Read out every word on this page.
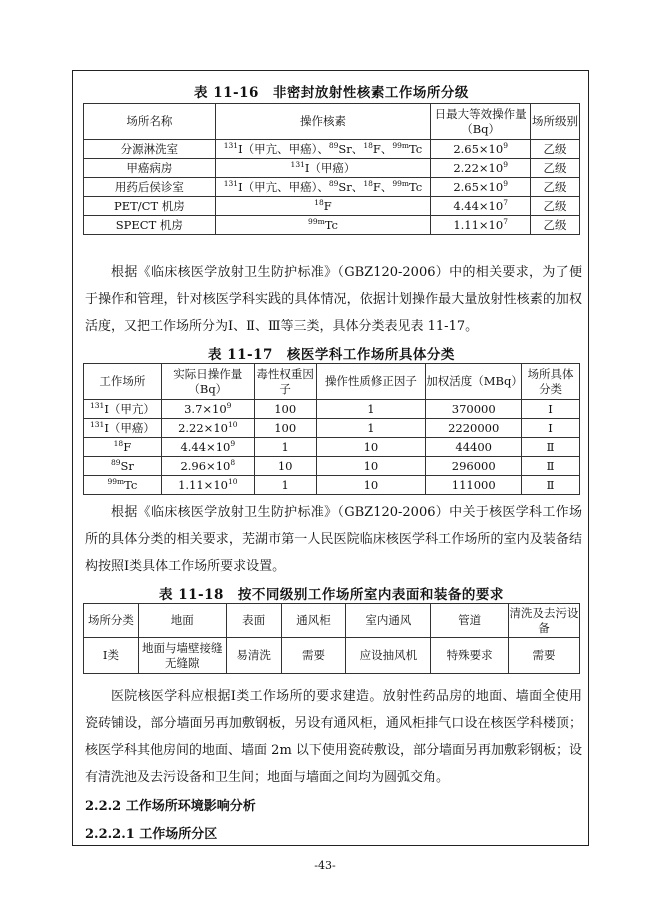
表 11-16　非密封放射性核素工作场所分级
场所名称	操作核素	日最大等效操作量（Bq）	场所级别
分源淋洗室	$^{131}$I（甲亢、甲癌）、$^{89}$Sr、$^{18}$F、$^{99m}$Tc	$2.65\times 10^9$	乙级
甲癌病房	$^{131}$I（甲癌）	$2.22\times 10^9$	乙级
用药后侯诊室	$^{131}$I（甲亢、甲癌）、$^{89}$Sr、$^{18}$F、$^{99m}$Tc	$2.65\times 10^9$	乙级
PET/CT 机房	$^{18}$F	$4.44\times 10^7$	乙级
SPECT 机房	$^{99m}$Tc	$1.11\times 10^7$	乙级

根据《临床核医学放射卫生防护标准》（GBZ120-2006）中的相关要求，为了便于操作和管理，针对核医学科实践的具体情况，依据计划操作最大量放射性核素的加权活度，又把工作场所分为Ⅰ、Ⅱ、Ⅲ等三类，具体分类表见表 11-17。

表 11-17　核医学科工作场所具体分类
工作场所	实际日操作量（Bq）	毒性权重因子	操作性质修正因子	加权活度（MBq）	场所具体分类
$^{131}$I（甲亢）	$3.7\times 10^9$	100	1	370000	Ⅰ
$^{131}$I（甲癌）	$2.22\times 10^{10}$	100	1	2220000	Ⅰ
$^{18}$F	$4.44\times 10^9$	1	10	44400	Ⅱ
$^{89}$Sr	$2.96\times 10^8$	10	10	296000	Ⅱ
$^{99m}$Tc	$1.11\times 10^{10}$	1	10	111000	Ⅱ

根据《临床核医学放射卫生防护标准》（GBZ120-2006）中关于核医学科工作场所的具体分类的相关要求，芜湖市第一人民医院临床核医学科工作场所的室内及装备结构按照Ⅰ类具体工作场所要求设置。

表 11-18　按不同级别工作场所室内表面和装备的要求
场所分类	地面	表面	通风柜	室内通风	管道	清洗及去污设备
Ⅰ类	地面与墙壁接缝无缝隙	易清洗	需要	应设抽风机	特殊要求	需要

医院核医学科应根据Ⅰ类工作场所的要求建造。放射性药品房的地面、墙面全使用瓷砖铺设，部分墙面另再加敷钢板，另设有通风柜，通风柜排气口设在核医学科楼顶；核医学科其他房间的地面、墙面 2m 以下使用瓷砖敷设，部分墙面另再加敷彩钢板；设有清洗池及去污设备和卫生间；地面与墙面之间均为圆弧交角。

2.2.2 工作场所环境影响分析

2.2.2.1 工作场所分区

-43-
